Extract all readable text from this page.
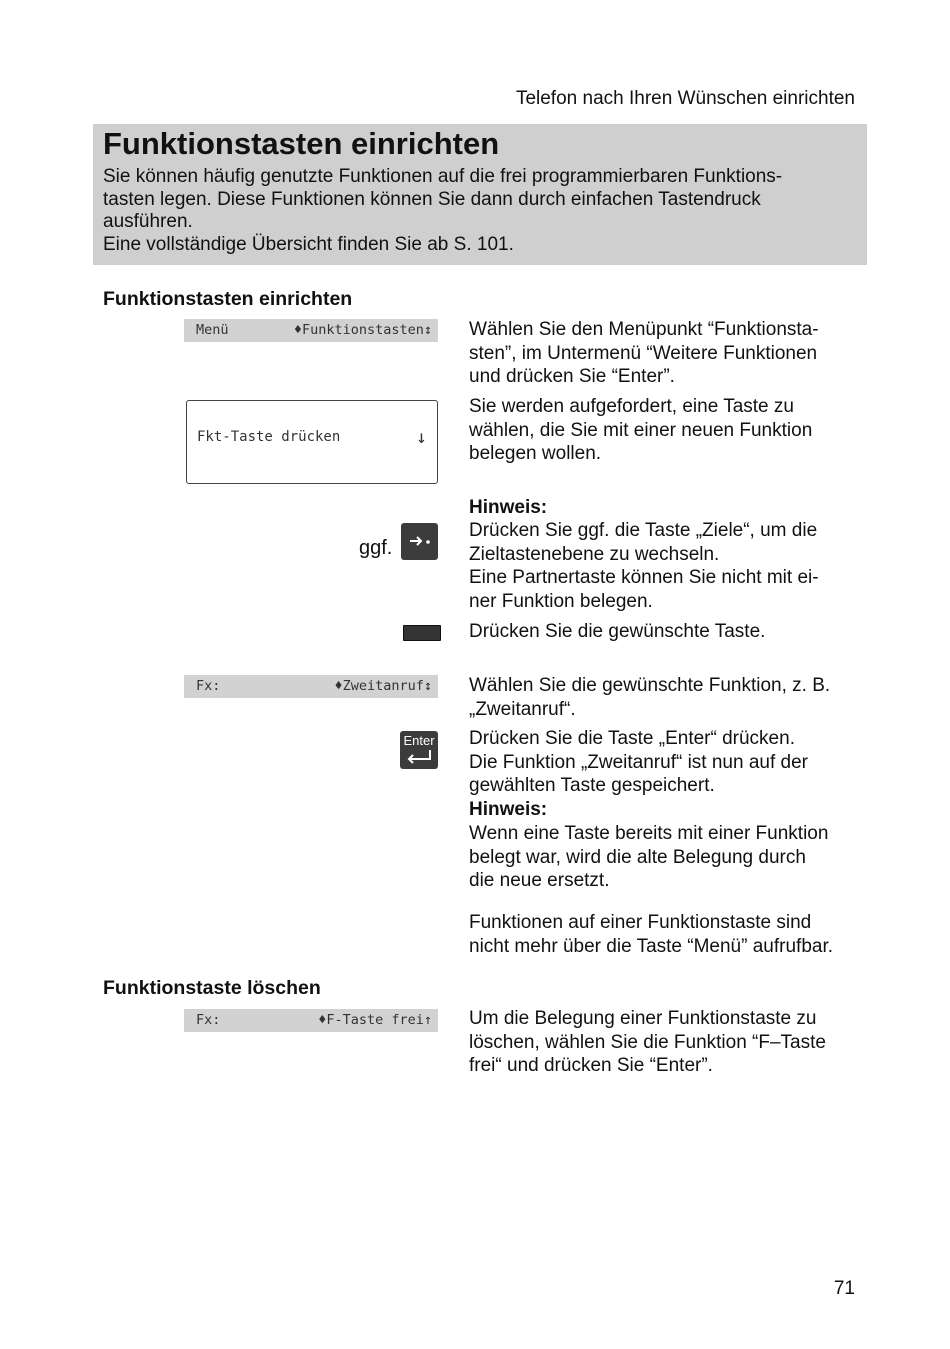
Telefon nach Ihren Wünschen einrichten
Funktionstasten einrichten

Sie können häufig genutzte Funktionen auf die frei programmierbaren Funktions-

tasten legen. Diese Funktionen können Sie dann durch einfachen Tastendruck

ausführen.

Eine vollständige Übersicht finden Sie ab S. 101.

Funktionstasten einrichten
Menü	♦Funktionstasten↕ Wählen Sie den Menüpunkt “Funktionsta-

sten”, im Untermenü “Weitere Funktionen

und drücken Sie “Enter”.

Fkt-Taste drücken	↓

Sie werden aufgefordert, eine Taste zu

wählen, die Sie mit einer neuen Funktion

belegen wollen.

Hinweis:
ggf.

Drücken Sie ggf. die Taste „Ziele“, um die

Zieltastenebene zu wechseln.

Eine Partnertaste können Sie nicht mit ei-

ner Funktion belegen.

Drücken Sie die gewünschte Taste.
Fx:	♦Zweitanruf↕ Wählen Sie die gewünschte Funktion, z. B.

„Zweitanruf“.

Enter Drücken Sie die Taste „Enter“ drücken.

Die Funktion „Zweitanruf“ ist nun auf der

gewählten Taste gespeichert.

Hinweis:

Wenn eine Taste bereits mit einer Funktion

belegt war, wird die alte Belegung durch

die neue ersetzt.

Funktionen auf einer Funktionstaste sind

nicht mehr über die Taste “Menü” aufrufbar.

Funktionstaste löschen
Fx:	♦F-Taste frei↑ Um die Belegung einer Funktionstaste zu

löschen, wählen Sie die Funktion “F–Taste

frei“ und drücken Sie “Enter”.

71
